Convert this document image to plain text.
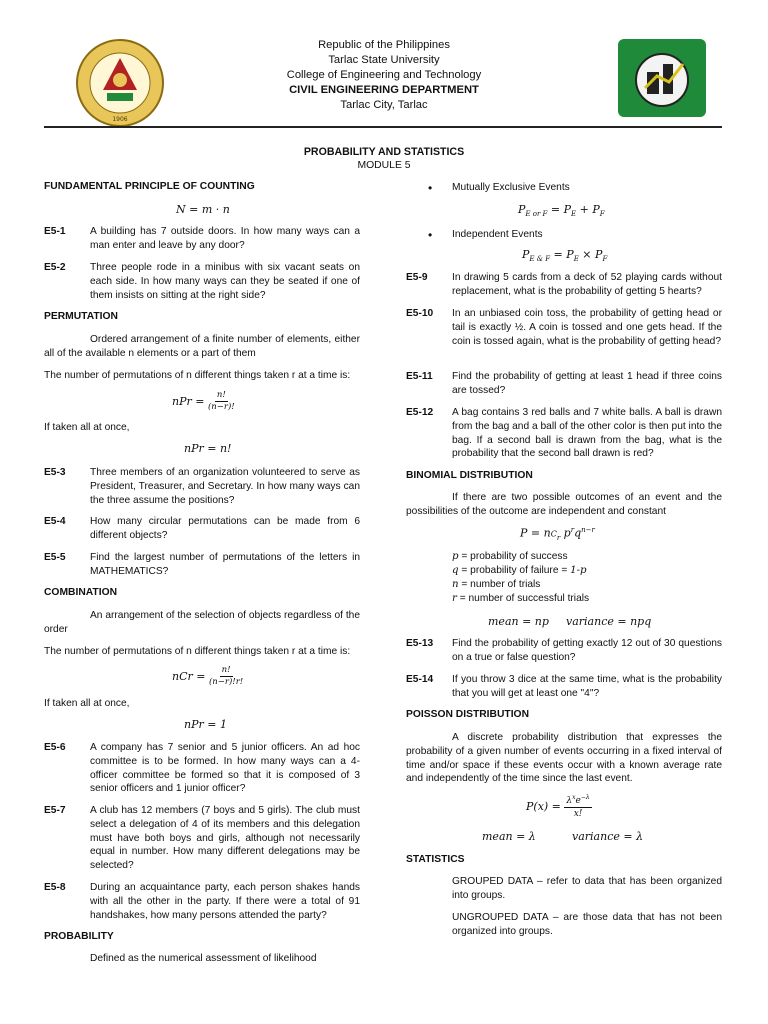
1906
Republic of the Philippines
Tarlac State University
College of Engineering and Technology
CIVIL ENGINEERING DEPARTMENT
Tarlac City, Tarlac
PROBABILITY AND STATISTICS
MODULE 5
FUNDAMENTAL PRINCIPLE OF COUNTING
N = m · n
E5-1 A building has 7 outside doors. In how many ways can a man enter and leave by any door?
E5-2 Three people rode in a minibus with six vacant seats on each side. In how many ways can they be seated if one of them insists on sitting at the right side?
PERMUTATION
Ordered arrangement of a finite number of elements, either all of the available n elements or a part of them
The number of permutations of n different things taken r at a time is:
nPr = $\frac{n!}{(n-r)!}$
If taken all at once,
nPr = n!
E5-3 Three members of an organization volunteered to serve as President, Treasurer, and Secretary. In how many ways can the three assume the positions?
E5-4 How many circular permutations can be made from 6 different objects?
E5-5 Find the largest number of permutations of the letters in MATHEMATICS?
COMBINATION
An arrangement of the selection of objects regardless of the order
The number of permutations of n different things taken r at a time is:
nCr = $\frac{n!}{(n-r)!r!}$
If taken all at once,
nPr = 1
E5-6 A company has 7 senior and 5 junior officers. An ad hoc committee is to be formed. In how many ways can a 4-officer committee be formed so that it is composed of 3 senior officers and 1 junior officer?
E5-7 A club has 12 members (7 boys and 5 girls). The club must select a delegation of 4 of its members and this delegation must have both boys and girls, although not necessarily equal in number. How many different delegations may be selected?
E5-8 During an acquaintance party, each person shakes hands with all the other in the party. If there were a total of 91 handshakes, how many persons attended the party?
PROBABILITY
Defined as the numerical assessment of likelihood
• Mutually Exclusive Events
$P_{E or F} = P_E + P_F$
• Independent Events
$P_{E \& F} = P_E \times P_F$
E5-9 In drawing 5 cards from a deck of 52 playing cards without replacement, what is the probability of getting 5 hearts?
E5-10 In an unbiased coin toss, the probability of getting head or tail is exactly ½. A coin is tossed and one gets head. If the coin is tossed again, what is the probability of getting head?
E5-11 Find the probability of getting at least 1 head if three coins are tossed?
E5-12 A bag contains 3 red balls and 7 white balls. A ball is drawn from the bag and a ball of the other color is then put into the bag. If a second ball is drawn from the bag, what is the probability that the second ball drawn is red?
BINOMIAL DISTRIBUTION
If there are two possible outcomes of an event and the possibilities of the outcome are independent and constant
$P = nC_r$ $p^rq^{n-r}$
p = probability of success
q = probability of failure = 1-p
n = number of trials
r = number of successful trials
mean = np variance = npq
E5-13 Find the probability of getting exactly 12 out of 30 questions on a true or false question?
E5-14 If you throw 3 dice at the same time, what is the probability that you will get at least one "4"?
POISSON DISTRIBUTION
A discrete probability distribution that expresses the probability of a given number of events occurring in a fixed interval of time and/or space if these events occur with a known average rate and independently of the time since the last event.
$P(x) = \frac{\lambda^xe^{-\lambda}}{x!}$
mean = λ	variance = λ
STATISTICS
GROUPED DATA – refer to data that has been organized into groups.
UNGROUPED DATA – are those data that has not been organized into groups.
